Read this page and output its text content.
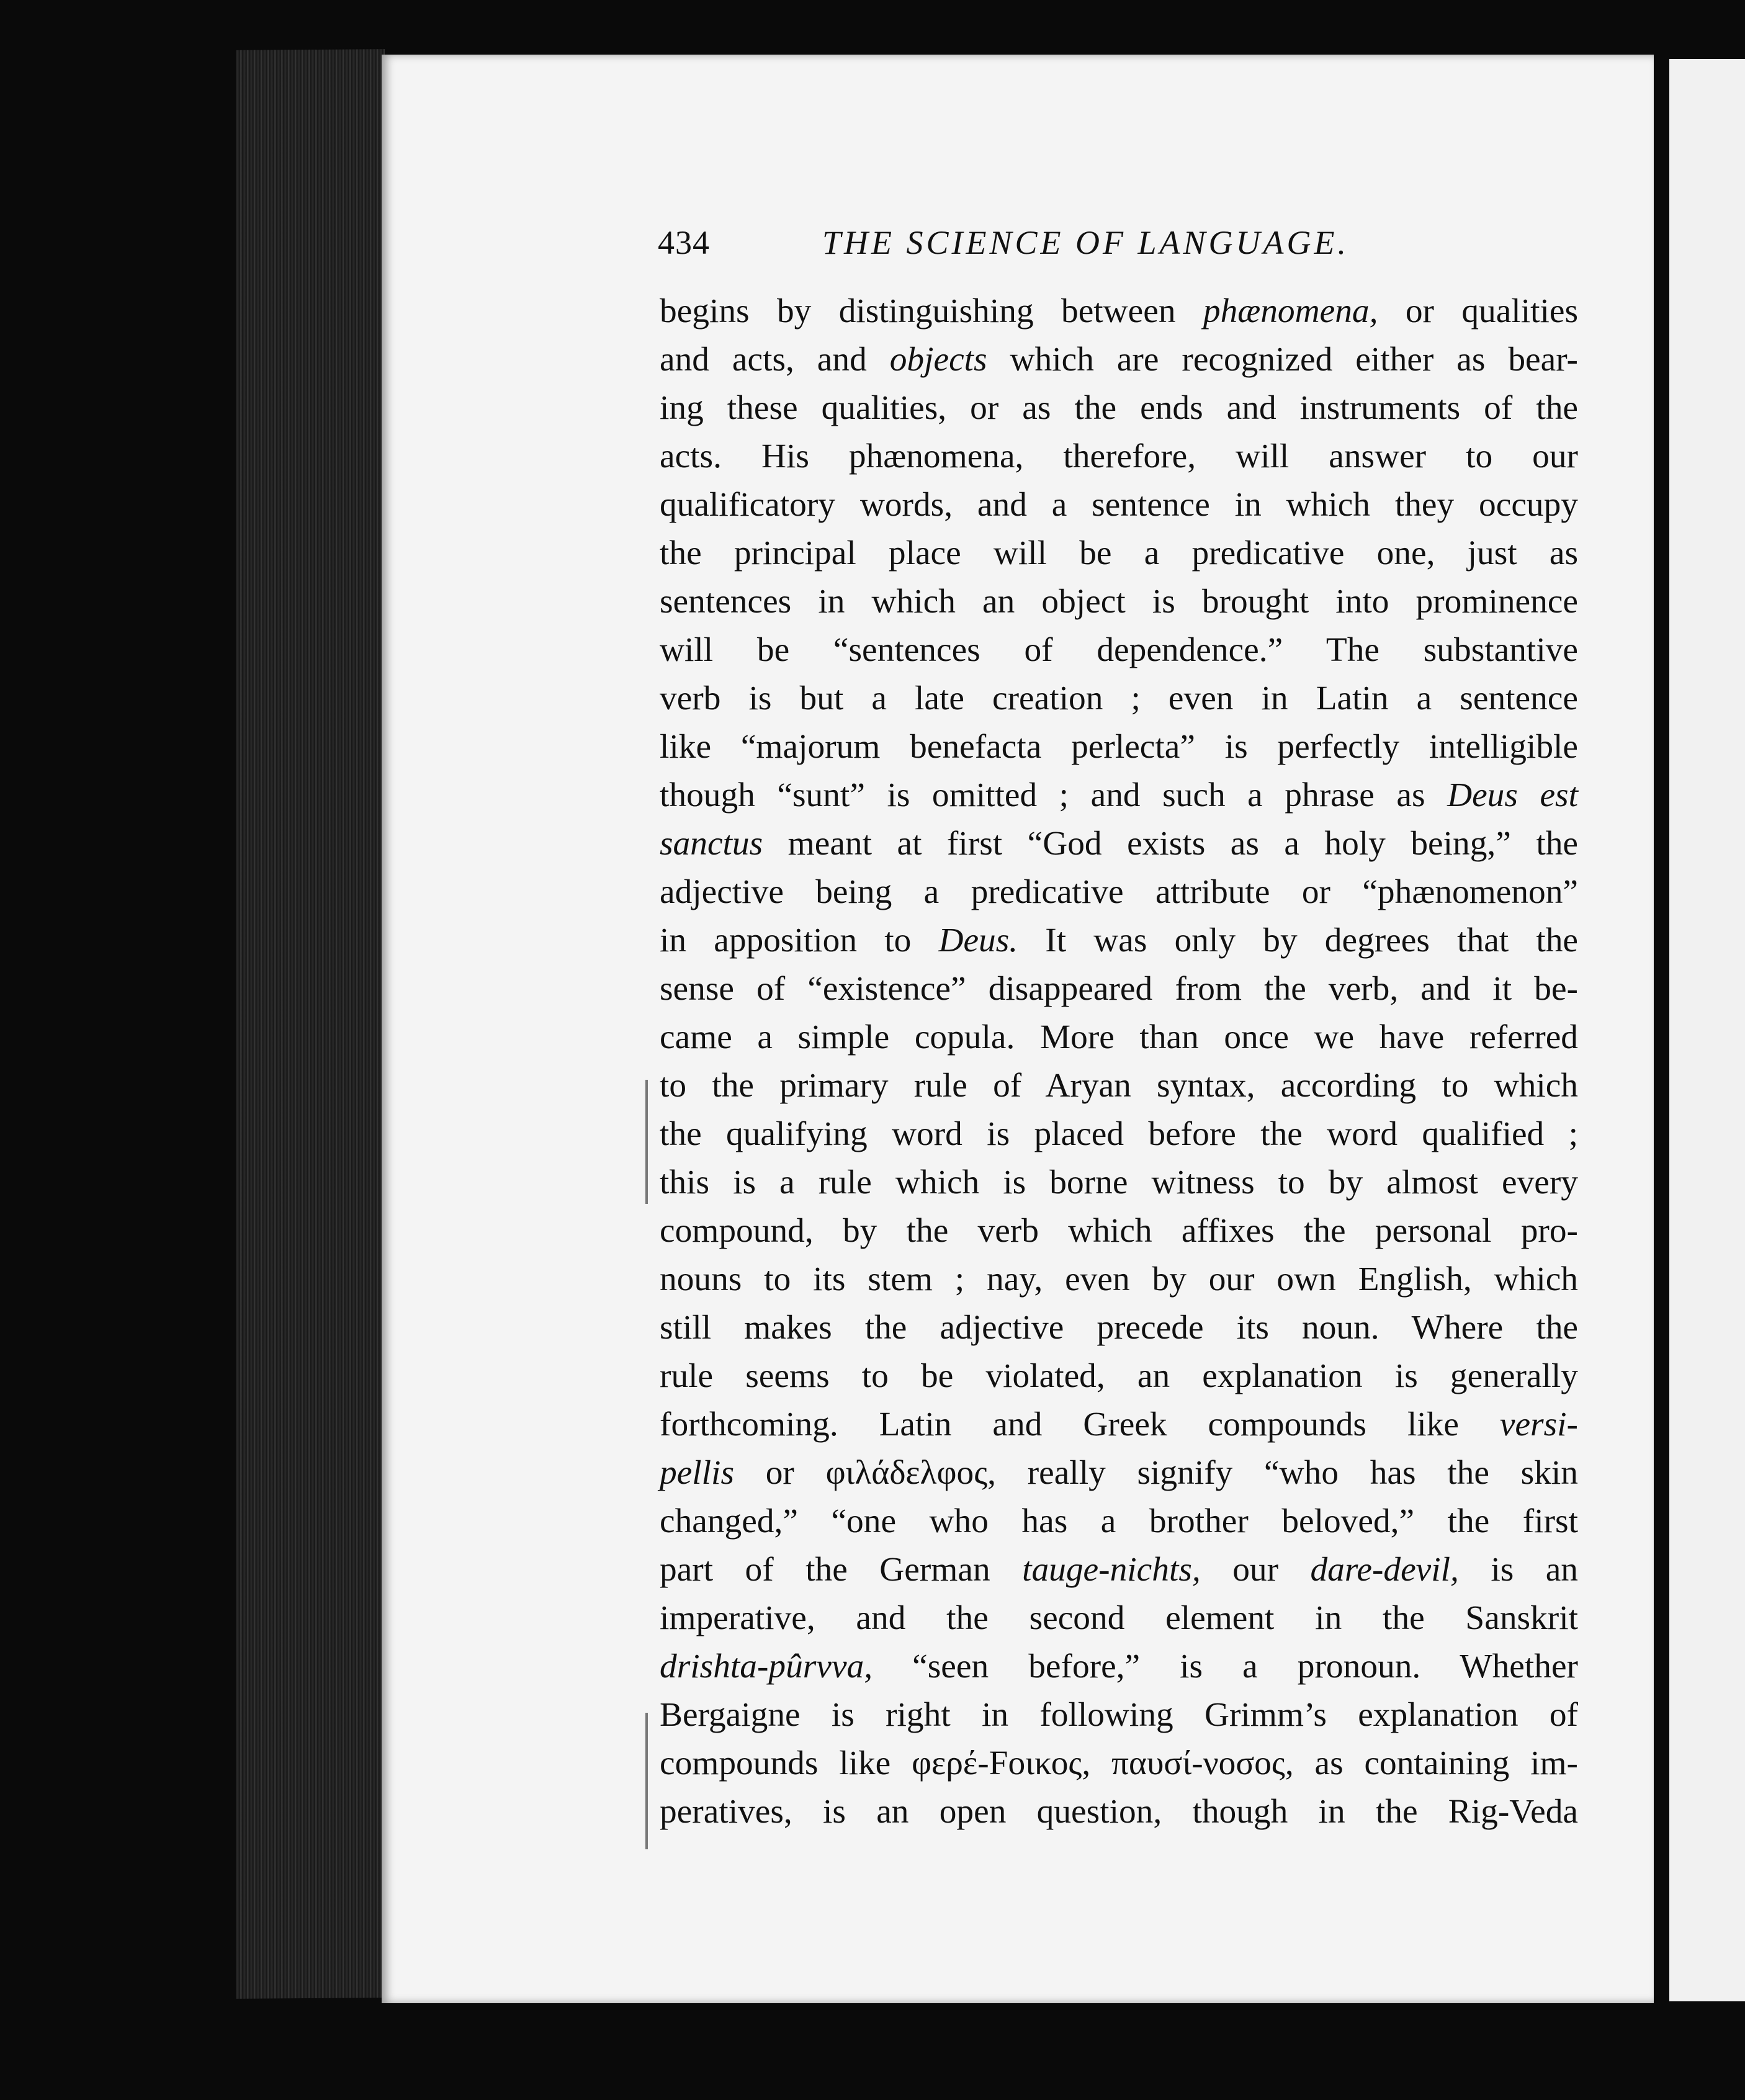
434	THE SCIENCE OF LANGUAGE.
begins by distinguishing between phænomena, or qualities
and acts, and objects which are recognized either as bear-
ing these qualities, or as the ends and instruments of the
acts. His phænomena, therefore, will answer to our
qualificatory words, and a sentence in which they occupy
the principal place will be a predicative one, just as
sentences in which an object is brought into prominence
will be “sentences of dependence.” The substantive
verb is but a late creation ; even in Latin a sentence
like “majorum benefacta perlecta” is perfectly intelligible
though “sunt” is omitted ; and such a phrase as Deus est
sanctus meant at first “God exists as a holy being,” the
adjective being a predicative attribute or “phænomenon”
in apposition to Deus. It was only by degrees that the
sense of “existence” disappeared from the verb, and it be-
came a simple copula. More than once we have referred
to the primary rule of Aryan syntax, according to which
the qualifying word is placed before the word qualified ;
this is a rule which is borne witness to by almost every
compound, by the verb which affixes the personal pro-
nouns to its stem ; nay, even by our own English, which
still makes the adjective precede its noun. Where the
rule seems to be violated, an explanation is generally
forthcoming. Latin and Greek compounds like versi-
pellis or φιλάδελφος, really signify “who has the skin
changed,” “one who has a brother beloved,” the first
part of the German tauge-nichts, our dare-devil, is an
imperative, and the second element in the Sanskrit
drishta-pûrvva, “seen before,” is a pronoun. Whether
Bergaigne is right in following Grimm’s explanation of
compounds like φερέ-Fοικος, παυσί-νοσος, as containing im-
peratives, is an open question, though in the Rig-Veda
